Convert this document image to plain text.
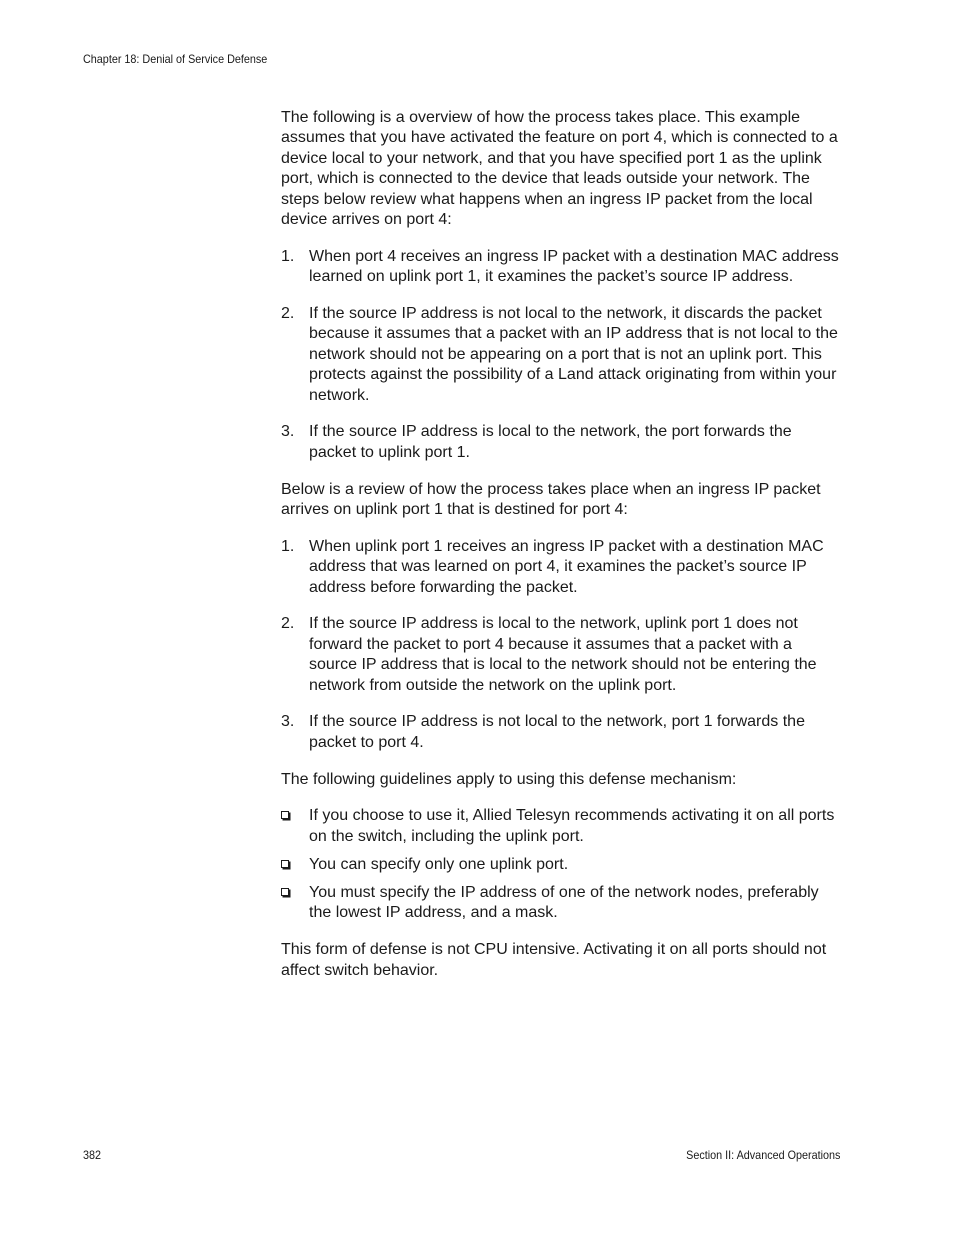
Chapter 18: Denial of Service Defense

The following is a overview of how the process takes place. This example assumes that you have activated the feature on port 4, which is connected to a device local to your network, and that you have specified port 1 as the uplink port, which is connected to the device that leads outside your network. The steps below review what happens when an ingress IP packet from the local device arrives on port 4:

1. When port 4 receives an ingress IP packet with a destination MAC address learned on uplink port 1, it examines the packet’s source IP address.
2. If the source IP address is not local to the network, it discards the packet because it assumes that a packet with an IP address that is not local to the network should not be appearing on a port that is not an uplink port. This protects against the possibility of a Land attack originating from within your network.
3. If the source IP address is local to the network, the port forwards the packet to uplink port 1.

Below is a review of how the process takes place when an ingress IP packet arrives on uplink port 1 that is destined for port 4:

1. When uplink port 1 receives an ingress IP packet with a destination MAC address that was learned on port 4, it examines the packet’s source IP address before forwarding the packet.
2. If the source IP address is local to the network, uplink port 1 does not forward the packet to port 4 because it assumes that a packet with a source IP address that is local to the network should not be entering the network from outside the network on the uplink port.
3. If the source IP address is not local to the network, port 1 forwards the packet to port 4.

The following guidelines apply to using this defense mechanism:

If you choose to use it, Allied Telesyn recommends activating it on all ports on the switch, including the uplink port.
You can specify only one uplink port.
You must specify the IP address of one of the network nodes, preferably the lowest IP address, and a mask.

This form of defense is not CPU intensive. Activating it on all ports should not affect switch behavior.

382	Section II: Advanced Operations
